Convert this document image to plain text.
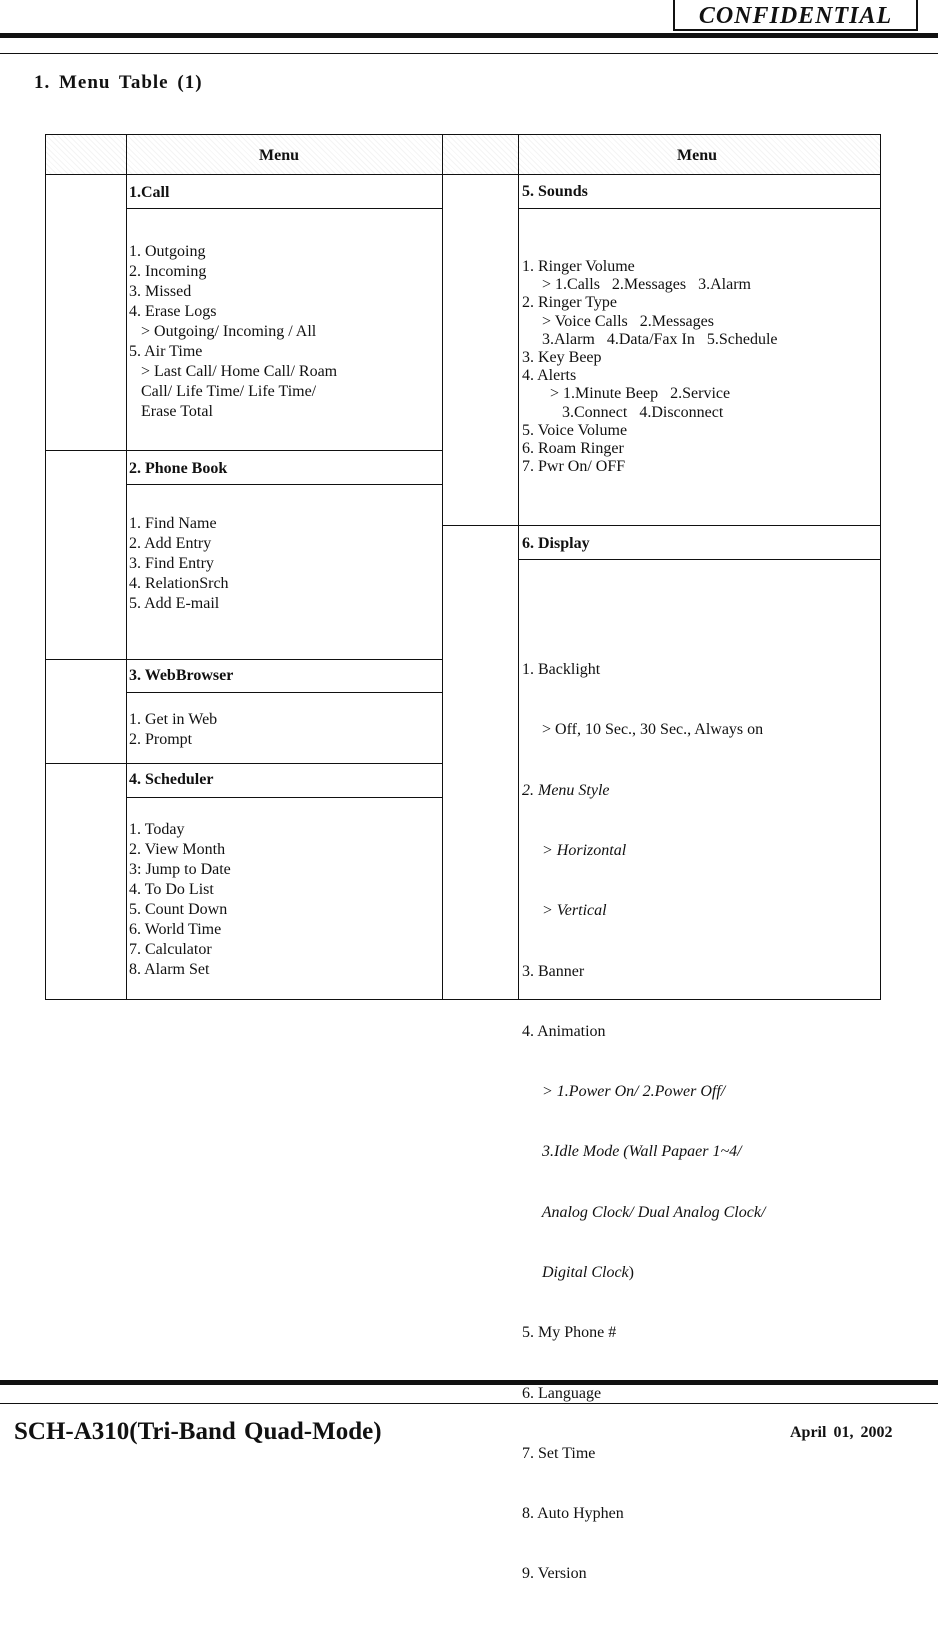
CONFIDENTIAL
1. Menu Table (1)
Menu	Menu
1.Call
1. Outgoing
2. Incoming
3. Missed
4. Erase Logs
> Outgoing/ Incoming / All
5. Air Time
> Last Call/ Home Call/ Roam
Call/ Life Time/ Life Time/
Erase Total
2. Phone Book
1. Find Name
2. Add Entry
3. Find Entry
4. RelationSrch
5. Add E-mail
3. WebBrowser
1. Get in Web
2. Prompt
4. Scheduler
1. Today
2. View Month
3: Jump to Date
4. To Do List
5. Count Down
6. World Time
7. Calculator
8. Alarm Set
5. Sounds
1. Ringer Volume
> 1.Calls   2.Messages   3.Alarm
2. Ringer Type
> Voice Calls   2.Messages
3.Alarm   4.Data/Fax In   5.Schedule
3. Key Beep
4. Alerts
> 1.Minute Beep   2.Service
3.Connect   4.Disconnect
5. Voice Volume
6. Roam Ringer
7. Pwr On/ OFF
6. Display

1. Backlight

> Off, 10 Sec., 30 Sec., Always on

2. Menu Style

> Horizontal

> Vertical

3. Banner

4. Animation

> 1.Power On/ 2.Power Off/

3.Idle Mode (Wall Papaer 1~4/

Analog Clock/ Dual Analog Clock/

Digital Clock)

5. My Phone #

6. Language

7. Set Time

8. Auto Hyphen

9. Version

SCH-A310(Tri-Band Quad-Mode)	April 01, 2002
